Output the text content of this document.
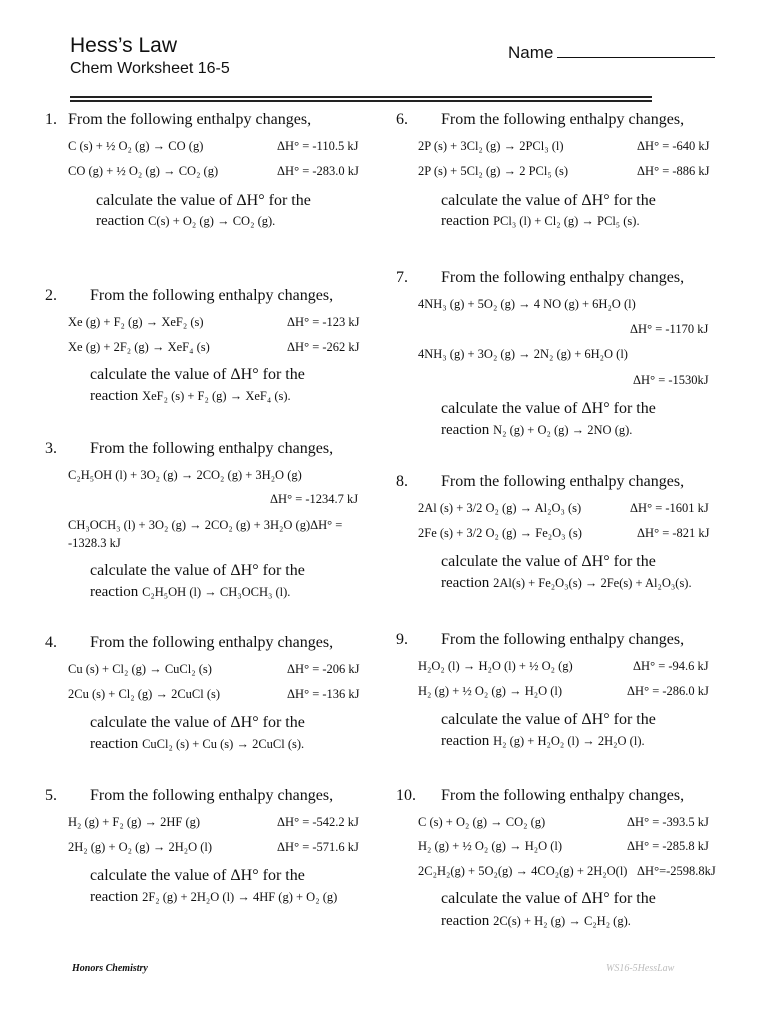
Hess’s Law
Chem Worksheet 16-5
Name
1. From the following enthalpy changes,
C (s) + ½ O₂ (g) → CO (g)	ΔH° = -110.5 kJ
CO (g) + ½ O₂ (g) → CO₂ (g)	ΔH° = -283.0 kJ
calculate the value of ΔH° for the
reaction C(s) + O₂ (g) → CO₂ (g).
2. From the following enthalpy changes,
Xe (g) + F₂ (g) → XeF₂ (s)	ΔH° = -123 kJ
Xe (g) + 2F₂ (g) → XeF₄ (s)	ΔH° = -262 kJ
calculate the value of ΔH° for the
reaction XeF₂ (s) + F₂ (g) → XeF₄ (s).
3. From the following enthalpy changes,
C₂H₅OH (l) + 3O₂ (g) → 2CO₂ (g) + 3H₂O (g)
ΔH° = -1234.7 kJ
CH₃OCH₃ (l) + 3O₂ (g) → 2CO₂ (g) + 3H₂O (g)ΔH° =
-1328.3 kJ
calculate the value of ΔH° for the
reaction C₂H₅OH (l) → CH₃OCH₃ (l).
4. From the following enthalpy changes,
Cu (s) + Cl₂ (g) → CuCl₂ (s)	ΔH° = -206 kJ
2Cu (s) + Cl₂ (g) → 2CuCl (s)	ΔH° = -136 kJ
calculate the value of ΔH° for the
reaction CuCl₂ (s) + Cu (s) → 2CuCl (s).
5. From the following enthalpy changes,
H₂ (g) + F₂ (g) → 2HF (g)	ΔH° = -542.2 kJ
2H₂ (g) + O₂ (g) → 2H₂O (l)	ΔH° = -571.6 kJ
calculate the value of ΔH° for the
reaction 2F₂ (g) + 2H₂O (l) → 4HF (g) + O₂ (g)
6. From the following enthalpy changes,
2P (s) + 3Cl₂ (g) → 2PCl₃ (l)	ΔH° = -640 kJ
2P (s) + 5Cl₂ (g) → 2 PCl₅ (s)	ΔH° = -886 kJ
calculate the value of ΔH° for the
reaction PCl₃ (l) + Cl₂ (g) → PCl₅ (s).
7. From the following enthalpy changes,
4NH₃ (g) + 5O₂ (g) → 4 NO (g) + 6H₂O (l)
ΔH° = -1170 kJ
4NH₃ (g) + 3O₂ (g) → 2N₂ (g) + 6H₂O (l)
ΔH° = -1530kJ
calculate the value of ΔH° for the
reaction N₂ (g) + O₂ (g) → 2NO (g).
8. From the following enthalpy changes,
2Al (s) + 3/2 O₂ (g) → Al₂O₃ (s)	ΔH° = -1601 kJ
2Fe (s) + 3/2 O₂ (g) → Fe₂O₃ (s)	ΔH° = -821 kJ
calculate the value of ΔH° for the
reaction 2Al(s) + Fe₂O₃(s) → 2Fe(s) + Al₂O₃(s).
9. From the following enthalpy changes,
H₂O₂ (l) → H₂O (l) + ½ O₂ (g)	ΔH° = -94.6 kJ
H₂ (g) + ½ O₂ (g) → H₂O (l)	ΔH° = -286.0 kJ
calculate the value of ΔH° for the
reaction H₂ (g) + H₂O₂ (l) → 2H₂O (l).
10. From the following enthalpy changes,
C (s) + O₂ (g) → CO₂ (g)	ΔH° = -393.5 kJ
H₂ (g) + ½ O₂ (g) → H₂O (l)	ΔH° = -285.8 kJ
2C₂H₂(g) + 5O₂(g) → 4CO₂(g) + 2H₂O(l) ΔH°=-2598.8kJ
calculate the value of ΔH° for the
reaction 2C(s) + H₂ (g) → C₂H₂ (g).
Honors Chemistry	WS16-5HessLaw
